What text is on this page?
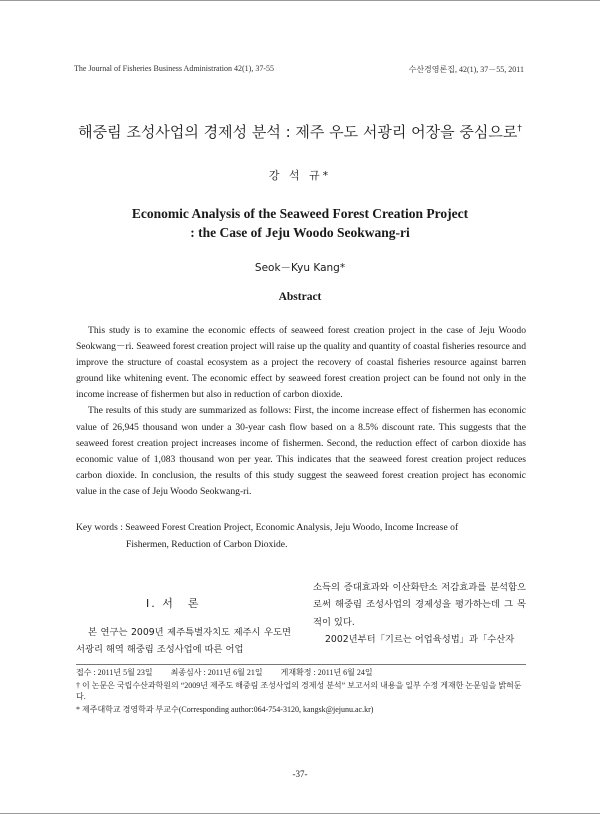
The Journal of Fisheries Business Administration 42(1), 37-55	수산경영론집, 42(1), 37－55, 2011
해중림 조성사업의 경제성 분석 : 제주 우도 서광리 어장을 중심으로†
강 석 규*
Economic Analysis of the Seaweed Forest Creation Project
: the Case of Jeju Woodo Seokwang-ri
Seok－Kyu Kang*
Abstract

This study is to examine the economic effects of seaweed forest creation project in the case of Jeju Woodo Seokwang－ri. Seaweed forest creation project will raise up the quality and quantity of coastal fisheries resource and improve the structure of coastal ecosystem as a project the recovery of coastal fisheries resource against barren ground like whitening event. The economic effect by seaweed forest creation project can be found not only in the income increase of fishermen but also in reduction of carbon dioxide.

The results of this study are summarized as follows: First, the income increase effect of fishermen has economic value of 26,945 thousand won under a 30-year cash flow based on a 8.5% discount rate. This suggests that the seaweed forest creation project increases income of fishermen. Second, the reduction effect of carbon dioxide has economic value of 1,083 thousand won per year. This indicates that the seaweed forest creation project reduces carbon dioxide. In conclusion, the results of this study suggest the seaweed forest creation project has economic value in the case of Jeju Woodo Seokwang-ri.

Key words : Seaweed Forest Creation Project, Economic Analysis, Jeju Woodo, Income Increase of
Fishermen, Reduction of Carbon Dioxide.
Ⅰ. 서　론

본 연구는 2009년 제주특별자치도 제주시 우도면 서광리 해역 해중림 조성사업에 따른 어업

소득의 증대효과와 이산화탄소 저감효과를 분석함으로써 해중림 조성사업의 경제성을 평가하는데 그 목적이 있다.

2002년부터「기르는 어업육성법」과「수산자

접수 : 2011년 5월 23일 최종심사 : 2011년 6월 21일 게재확정 : 2011년 6월 24일
† 이 논문은 국립수산과학원의 “2009년 제주도 해중림 조성사업의 경제성 분석” 보고서의 내용을 일부 수정 게재한 논문임을 밝혀둔다.
* 제주대학교 경영학과 부교수(Corresponding author:064-754-3120, kangsk@jejunu.ac.kr)
-37-
